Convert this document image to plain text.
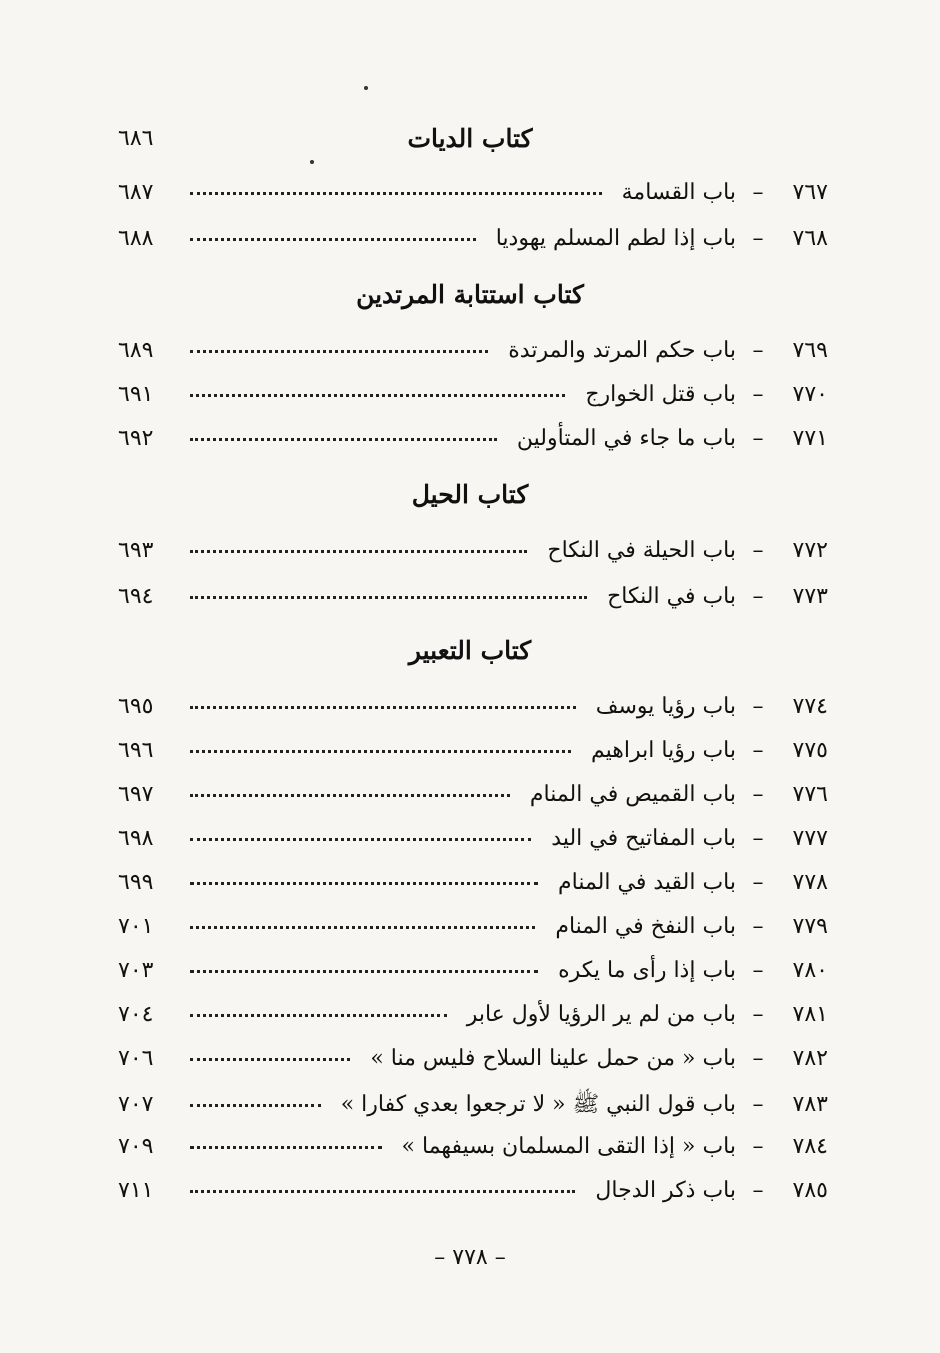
كتاب الديات
٦٨٦
٧٦٧
–
باب القسامة
٦٨٧
٧٦٨
–
باب إذا لطم المسلم يهوديا
٦٨٨
كتاب استتابة المرتدين
٧٦٩
–
باب حكم المرتد والمرتدة
٦٨٩
٧٧٠
–
باب قتل الخوارج
٦٩١
٧٧١
–
باب ما جاء في المتأولين
٦٩٢
كتاب الحيل
٧٧٢
–
باب الحيلة في النكاح
٦٩٣
٧٧٣
–
باب في النكاح
٦٩٤
كتاب التعبير
٧٧٤
–
باب رؤيا يوسف
٦٩٥
٧٧٥
–
باب رؤيا ابراهيم
٦٩٦
٧٧٦
–
باب القميص في المنام
٦٩٧
٧٧٧
–
باب المفاتيح في اليد
٦٩٨
٧٧٨
–
باب القيد في المنام
٦٩٩
٧٧٩
–
باب النفخ في المنام
٧٠١
٧٨٠
–
باب إذا رأى ما يكره
٧٠٣
٧٨١
–
باب من لم ير الرؤيا لأول عابر
٧٠٤
٧٨٢
–
باب « من حمل علينا السلاح فليس منا »
٧٠٦
٧٨٣
–
باب قول النبي ﷺ « لا ترجعوا بعدي كفارا »
٧٠٧
٧٨٤
–
باب « إذا التقى المسلمان بسيفهما »
٧٠٩
٧٨٥
–
باب ذكر الدجال
٧١١
– ٧٧٨ –
